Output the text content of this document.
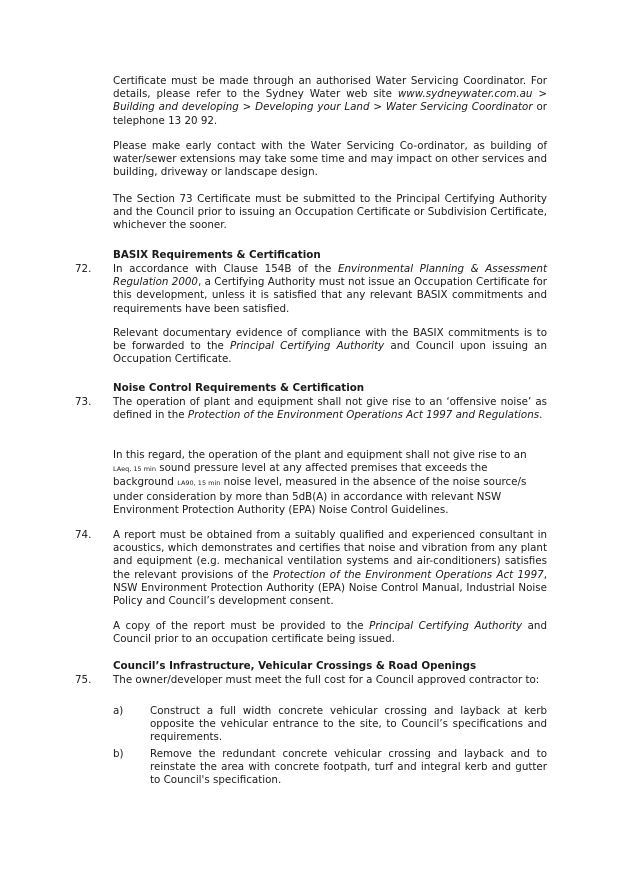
Certificate must be made through an authorised Water Servicing Coordinator. For details, please refer to the Sydney Water web site www.sydneywater.com.au > Building and developing > Developing your Land > Water Servicing Coordinator or telephone 13 20 92.

Please make early contact with the Water Servicing Co-ordinator, as building of water/sewer extensions may take some time and may impact on other services and building, driveway or landscape design.

The Section 73 Certificate must be submitted to the Principal Certifying Authority and the Council prior to issuing an Occupation Certificate or Subdivision Certificate, whichever the sooner.

BASIX Requirements & Certification
72. In accordance with Clause 154B of the Environmental Planning & Assessment Regulation 2000, a Certifying Authority must not issue an Occupation Certificate for this development, unless it is satisfied that any relevant BASIX commitments and requirements have been satisfied.

Relevant documentary evidence of compliance with the BASIX commitments is to be forwarded to the Principal Certifying Authority and Council upon issuing an Occupation Certificate.

Noise Control Requirements & Certification
73. The operation of plant and equipment shall not give rise to an ‘offensive noise’ as defined in the Protection of the Environment Operations Act 1997 and Regulations.

In this regard, the operation of the plant and equipment shall not give rise to an LAeq, 15 min sound pressure level at any affected premises that exceeds the background LA90, 15 min noise level, measured in the absence of the noise source/s under consideration by more than 5dB(A) in accordance with relevant NSW Environment Protection Authority (EPA) Noise Control Guidelines.

74. A report must be obtained from a suitably qualified and experienced consultant in acoustics, which demonstrates and certifies that noise and vibration from any plant and equipment (e.g. mechanical ventilation systems and air-conditioners) satisfies the relevant provisions of the Protection of the Environment Operations Act 1997, NSW Environment Protection Authority (EPA) Noise Control Manual, Industrial Noise Policy and Council’s development consent.

A copy of the report must be provided to the Principal Certifying Authority and Council prior to an occupation certificate being issued.

Council’s Infrastructure, Vehicular Crossings & Road Openings
75. The owner/developer must meet the full cost for a Council approved contractor to:

a)	Construct a full width concrete vehicular crossing and layback at kerb opposite the vehicular entrance to the site, to Council’s specifications and requirements.

b)	Remove the redundant concrete vehicular crossing and layback and to reinstate the area with concrete footpath, turf and integral kerb and gutter to Council's specification.
